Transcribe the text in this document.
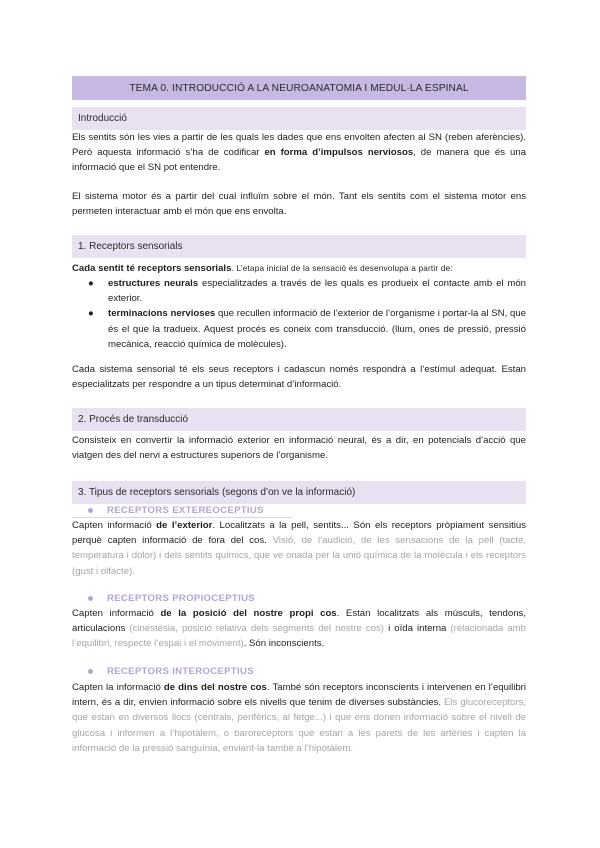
TEMA 0. INTRODUCCIÓ A LA NEUROANATOMIA I MEDUL·LA ESPINAL
Introducció

Els sentits són les vies a partir de les quals les dades que ens envolten afecten al SN (reben aferències). Però aquesta informació s’ha de codificar en forma d’impulsos nerviosos, de manera que és una informació que el SN pot entendre.

El sistema motor és a partir del cual influïm sobre el món. Tant els sentits com el sistema motor ens permeten interactuar amb el món que ens envolta.

1. Receptors sensorials

Cada sentit té receptors sensorials. L’etapa inicial de la sensació és desenvolupa a partir de:

● estructures neurals especialitzades a través de les quals es produeix el contacte amb el món exterior.
● terminacions nervioses que recullen informació de l’exterior de l’organisme i portar-la al SN, que és el que la tradueix. Aquest procés es coneix com transducció. (llum, ones de pressió, pressió mecànica, reacció química de molècules).

Cada sistema sensorial té els seus receptors i cadascun només respondrà a l’estímul adequat. Estan especialitzats per respondre a un tipus determinat d’informació.

2. Procés de transducció

Consisteix en convertir la informació exterior en informació neural, és a dir, en potencials d’acció que viatgen des del nervi a estructures superiors de l’organisme.

3. Tipus de receptors sensorials (segons d’on ve la informació)
RECEPTORS EXTEREOCEPTIUS

Capten informació de l’exterior. Localitzats a la pell, sentits... Són els receptors pròpiament sensitius perquè capten informació de fora del cos. Visió, de l’audició, de les sensacions de la pell (tacte, temperatura i dolor) i dels sentits químics, que ve onada per la unió química de la molècula i els receptors (gust i olfacte).

RECEPTORS PROPIOCEPTIUS

Capten informació de la posició del nostre propi cos. Estan localitzats als músculs, tendons, articulacions (cinestèsia, posició relativa dels segments del nostre cos) i oïda interna (relacionada amb l’equilibri, respecte l’espai i el moviment). Són inconscients.

RECEPTORS INTEROCEPTIUS

Capten la informació de dins del nostre cos. També són receptors inconscients i intervenen en l’equilibri intern, és a dir, envien informació sobre els nivells que tenim de diverses substàncies. Els glucoreceptors, que estan en diversos llocs (centrals, perifèrics, al fetge...) i que ens donen informació sobre el nivell de glucosa i informen a l’hipotàlem, o baroreceptors que estan a les parets de les artèries i capten la informació de la pressió sanguínia, enviant-la també a l’hipotàlem.
